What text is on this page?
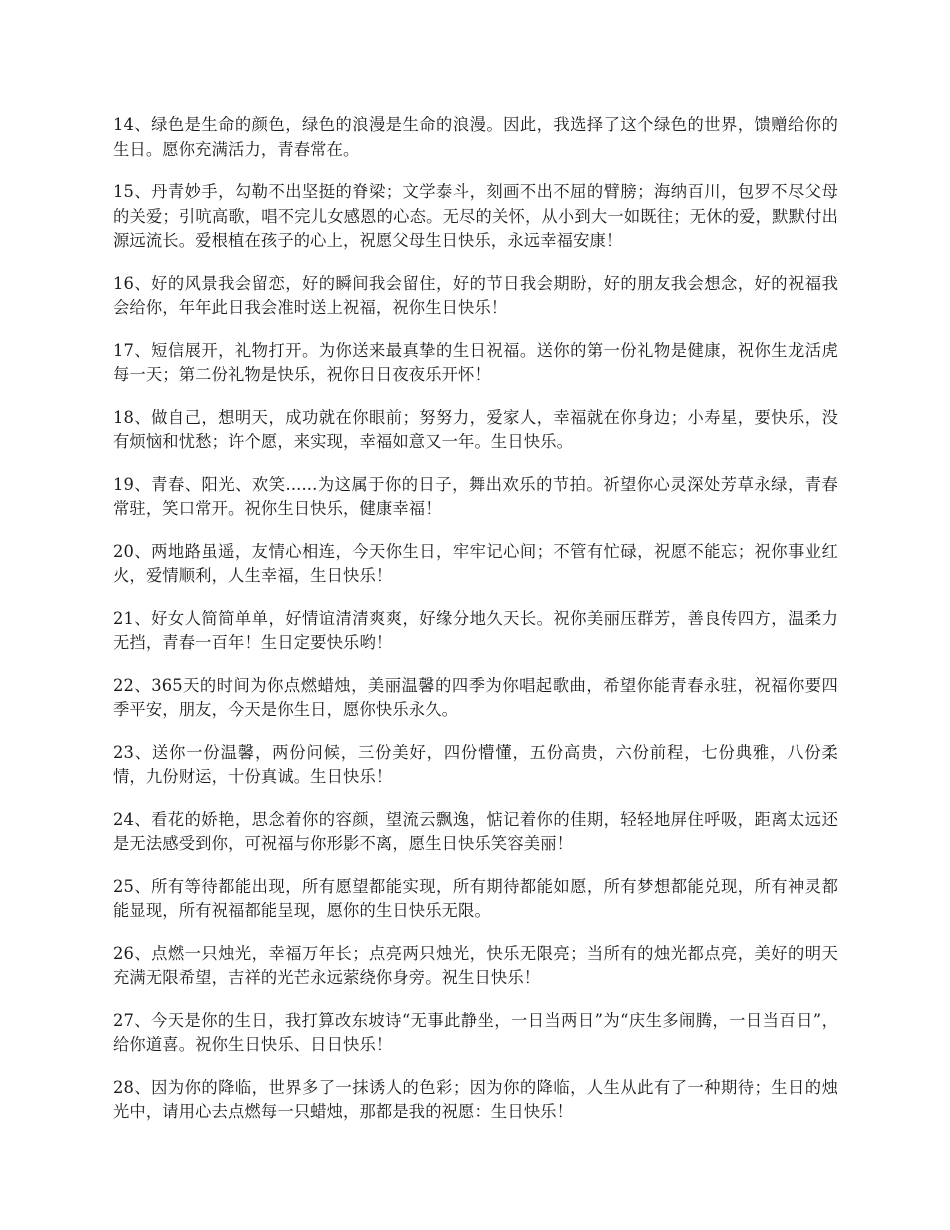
14、绿色是生命的颜色，绿色的浪漫是生命的浪漫。因此，我选择了这个绿色的世界，馈赠给你的生日。愿你充满活力，青春常在。

15、丹青妙手，勾勒不出坚挺的脊梁；文学泰斗，刻画不出不屈的臂膀；海纳百川，包罗不尽父母的关爱；引吭高歌，唱不完儿女感恩的心态。无尽的关怀，从小到大一如既往；无休的爱，默默付出源远流长。爱根植在孩子的心上，祝愿父母生日快乐，永远幸福安康！

16、好的风景我会留恋，好的瞬间我会留住，好的节日我会期盼，好的朋友我会想念，好的祝福我会给你，年年此日我会准时送上祝福，祝你生日快乐！

17、短信展开，礼物打开。为你送来最真挚的生日祝福。送你的第一份礼物是健康，祝你生龙活虎每一天；第二份礼物是快乐，祝你日日夜夜乐开怀！

18、做自己，想明天，成功就在你眼前；努努力，爱家人，幸福就在你身边；小寿星，要快乐，没有烦恼和忧愁；许个愿，来实现，幸福如意又一年。生日快乐。

19、青春、阳光、欢笑......为这属于你的日子，舞出欢乐的节拍。祈望你心灵深处芳草永绿，青春常驻，笑口常开。祝你生日快乐，健康幸福！

20、两地路虽遥，友情心相连，今天你生日，牢牢记心间；不管有忙碌，祝愿不能忘；祝你事业红火，爱情顺利，人生幸福，生日快乐！

21、好女人简简单单，好情谊清清爽爽，好缘分地久天长。祝你美丽压群芳，善良传四方，温柔力无挡，青春一百年！生日定要快乐哟！

22、365天的时间为你点燃蜡烛，美丽温馨的四季为你唱起歌曲，希望你能青春永驻，祝福你要四季平安，朋友，今天是你生日，愿你快乐永久。

23、送你一份温馨，两份问候，三份美好，四份懵懂，五份高贵，六份前程，七份典雅，八份柔情，九份财运，十份真诚。生日快乐！

24、看花的娇艳，思念着你的容颜，望流云飘逸，惦记着你的佳期，轻轻地屏住呼吸，距离太远还是无法感受到你，可祝福与你形影不离，愿生日快乐笑容美丽！

25、所有等待都能出现，所有愿望都能实现，所有期待都能如愿，所有梦想都能兑现，所有神灵都能显现，所有祝福都能呈现，愿你的生日快乐无限。

26、点燃一只烛光，幸福万年长；点亮两只烛光，快乐无限亮；当所有的烛光都点亮，美好的明天充满无限希望，吉祥的光芒永远萦绕你身旁。祝生日快乐！

27、今天是你的生日，我打算改东坡诗“无事此静坐，一日当两日”为“庆生多闹腾，一日当百日”，给你道喜。祝你生日快乐、日日快乐！

28、因为你的降临，世界多了一抹诱人的色彩；因为你的降临，人生从此有了一种期待；生日的烛光中，请用心去点燃每一只蜡烛，那都是我的祝愿：生日快乐！
